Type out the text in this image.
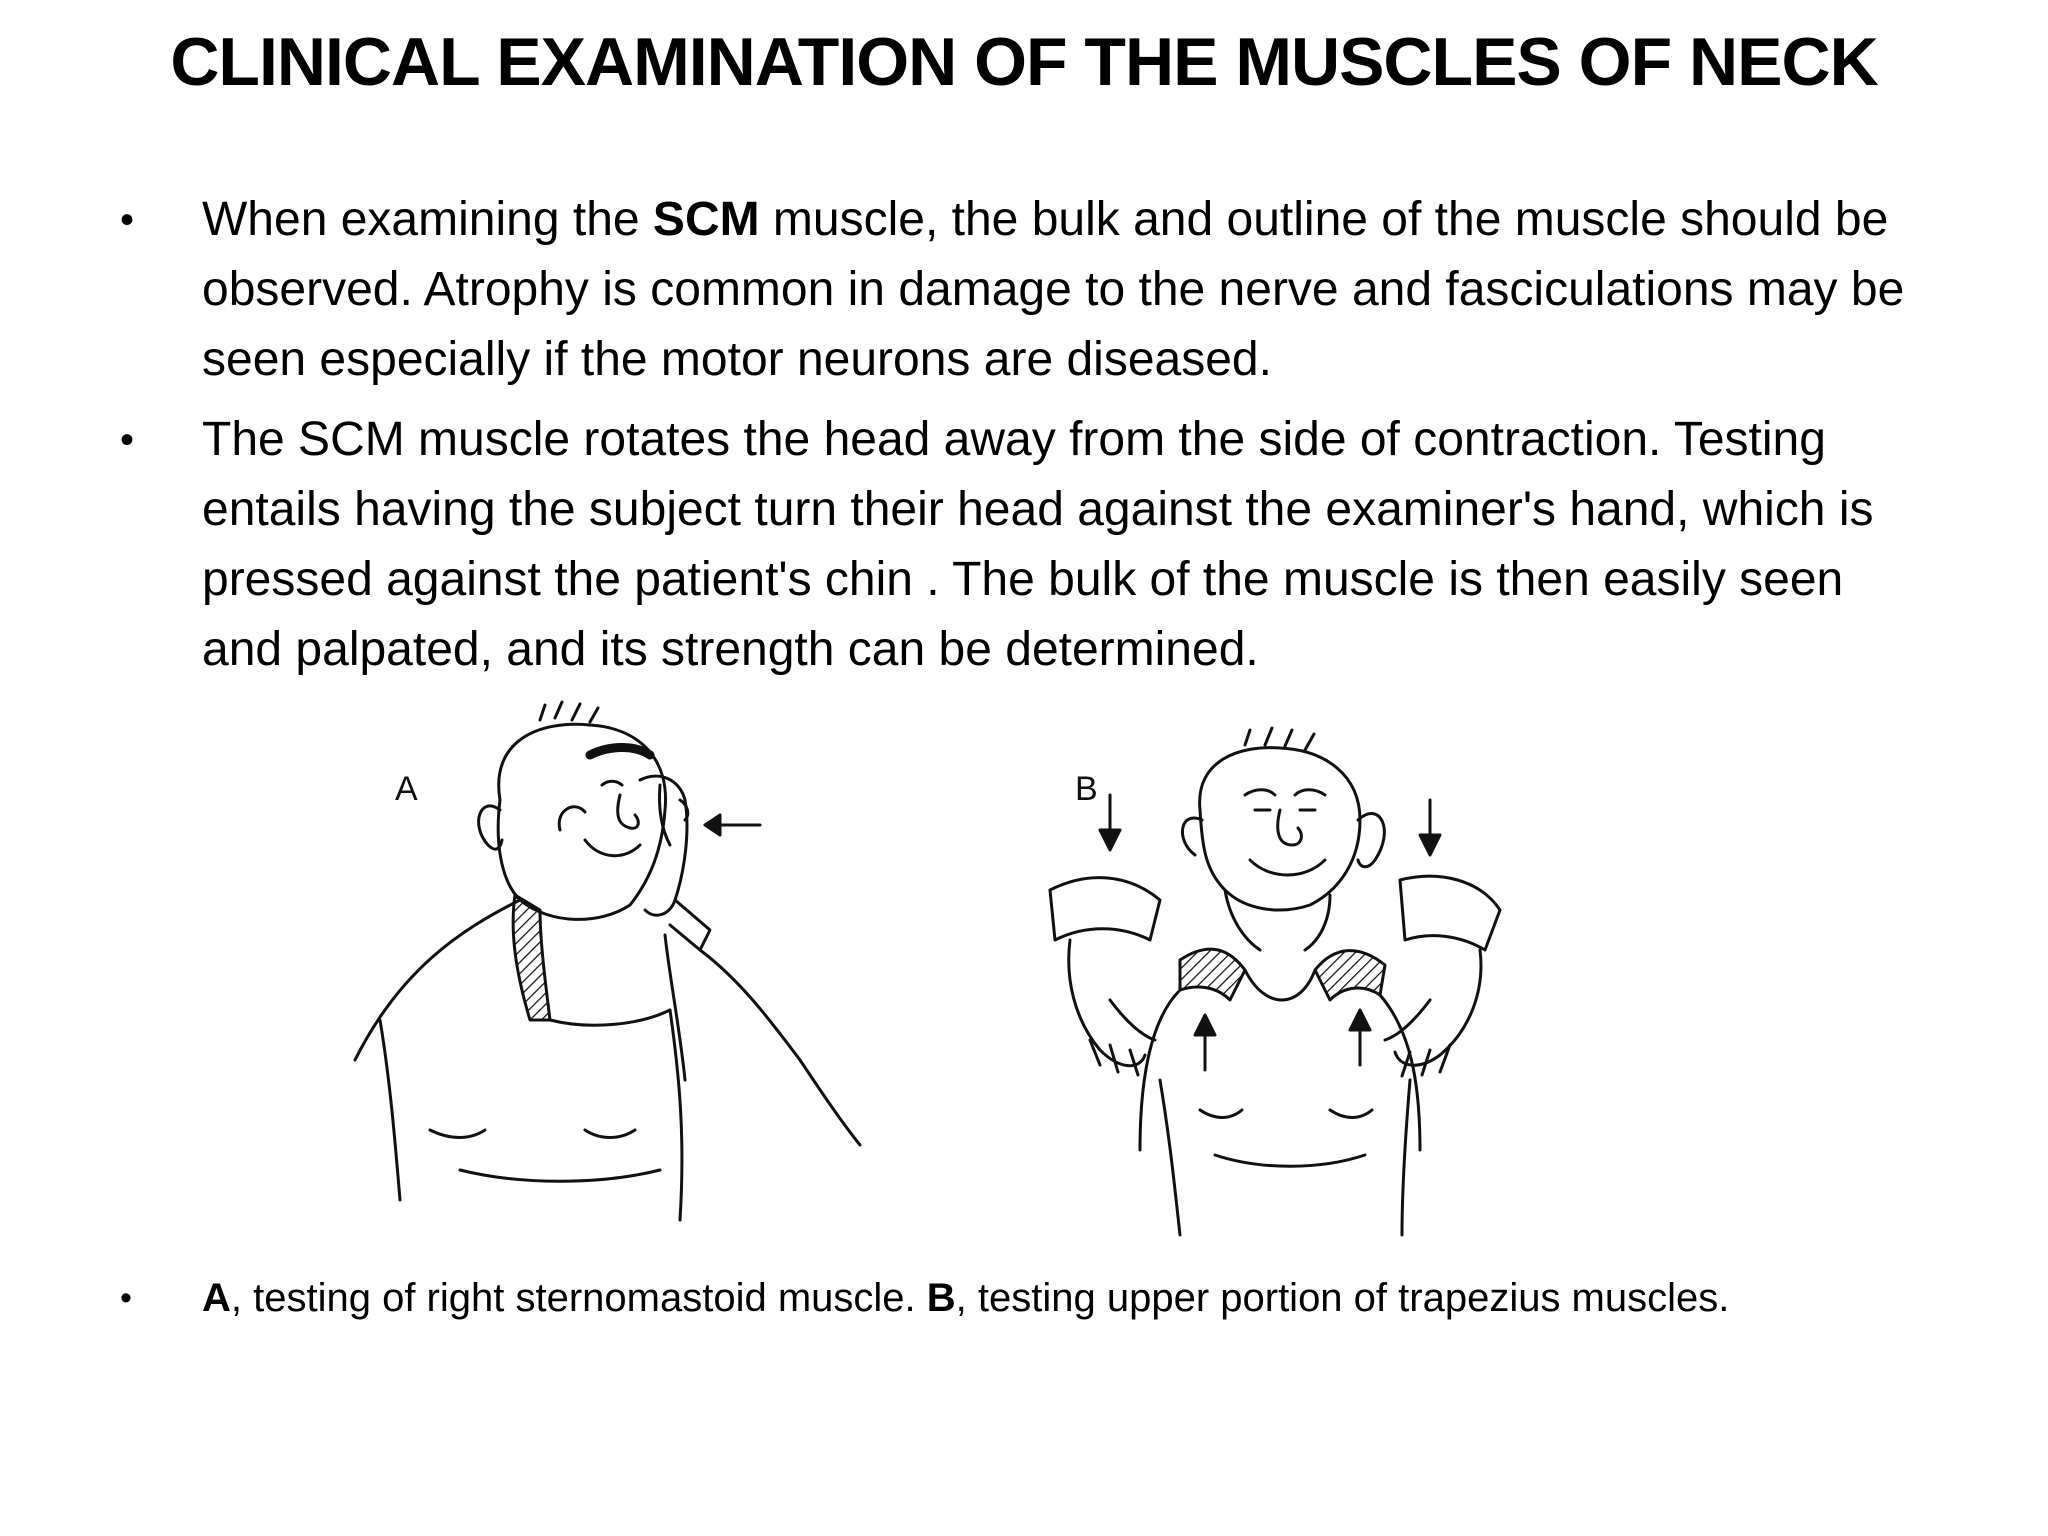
CLINICAL EXAMINATION OF THE MUSCLES OF NECK
• When examining the SCM muscle, the bulk and outline of the muscle should be observed. Atrophy is common in damage to the nerve and fasciculations may be seen especially if the motor neurons are diseased.
• The SCM muscle rotates the head away from the side of contraction. Testing entails having the subject turn their head against the examiner's hand, which is pressed against the patient's chin . The bulk of the muscle is then easily seen and palpated, and its strength can be determined.
A	B
• A, testing of right sternomastoid muscle. B, testing upper portion of trapezius muscles.
